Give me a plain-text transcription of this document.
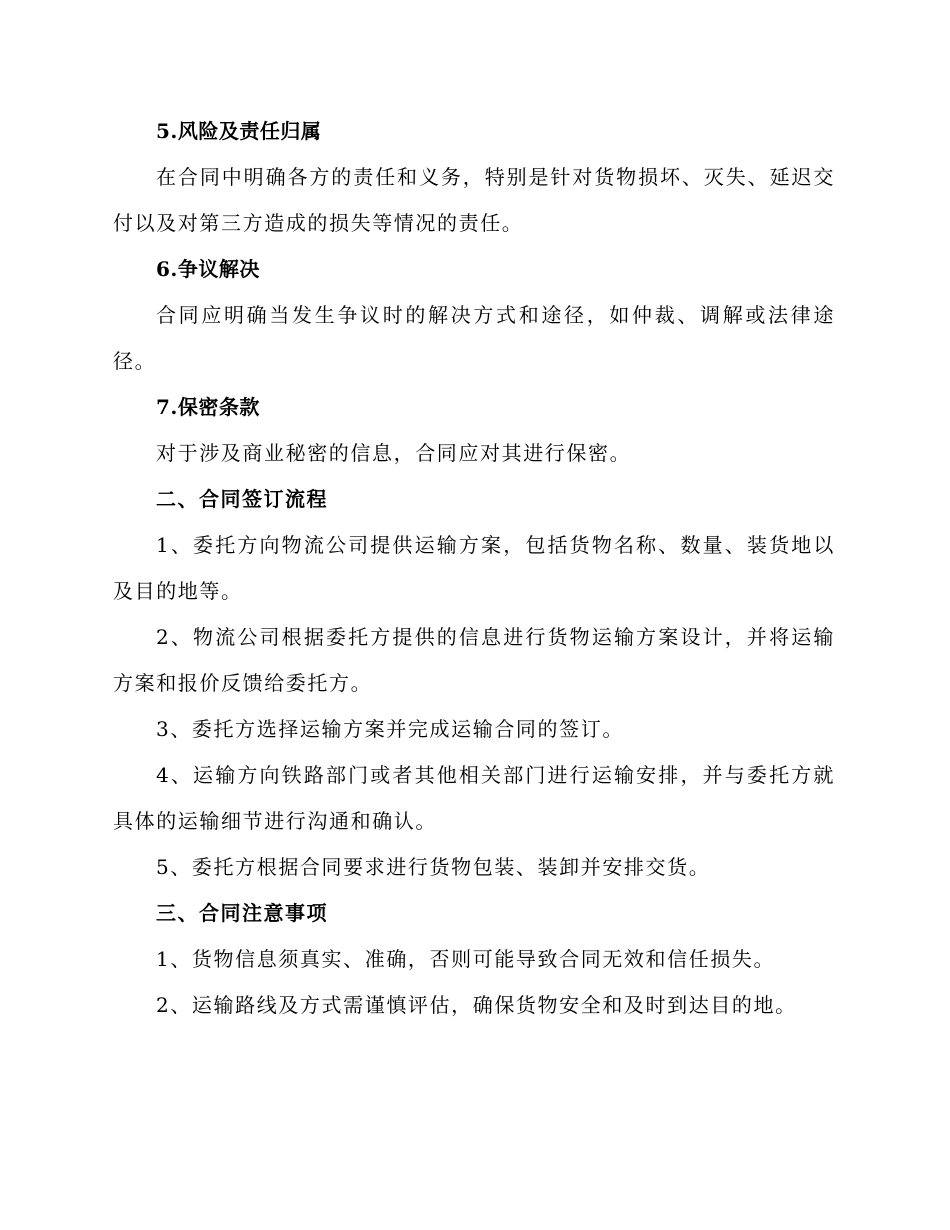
5.风险及责任归属

在合同中明确各方的责任和义务，特别是针对货物损坏、灭失、延迟交付以及对第三方造成的损失等情况的责任。

6.争议解决

合同应明确当发生争议时的解决方式和途径，如仲裁、调解或法律途径。

7.保密条款

对于涉及商业秘密的信息，合同应对其进行保密。

二、合同签订流程

1、委托方向物流公司提供运输方案，包括货物名称、数量、装货地以及目的地等。

2、物流公司根据委托方提供的信息进行货物运输方案设计，并将运输方案和报价反馈给委托方。

3、委托方选择运输方案并完成运输合同的签订。

4、运输方向铁路部门或者其他相关部门进行运输安排，并与委托方就具体的运输细节进行沟通和确认。

5、委托方根据合同要求进行货物包装、装卸并安排交货。

三、合同注意事项

1、货物信息须真实、准确，否则可能导致合同无效和信任损失。

2、运输路线及方式需谨慎评估，确保货物安全和及时到达目的地。
